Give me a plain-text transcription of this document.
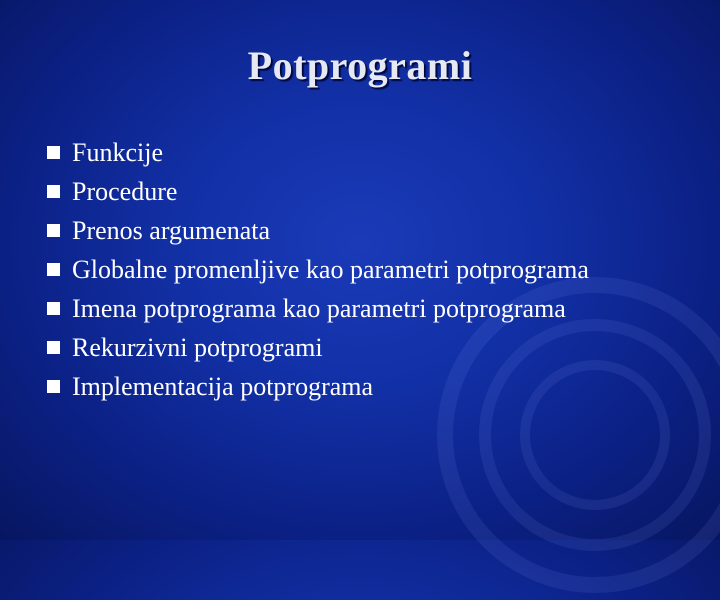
Potprogrami
Funkcije
Procedure
Prenos argumenata
Globalne promenljive kao parametri potprograma
Imena potprograma kao parametri potprograma
Rekurzivni potprogrami
Implementacija potprograma
